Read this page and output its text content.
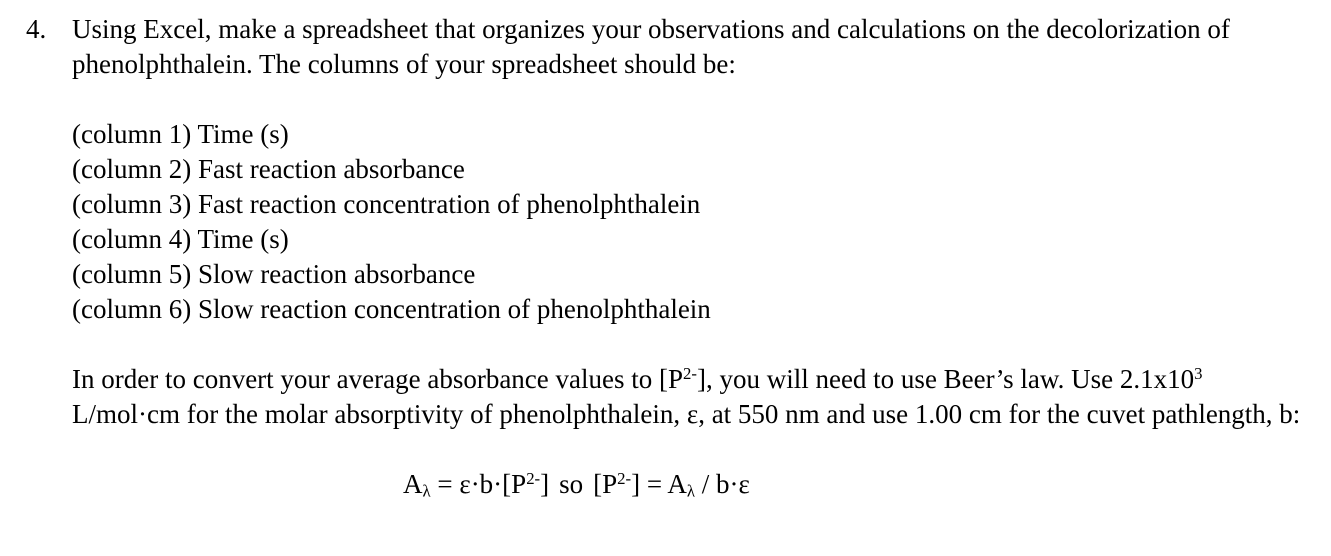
4. Using Excel, make a spreadsheet that organizes your observations and calculations on the decolorization of phenolphthalein. The columns of your spreadsheet should be:

(column 1) Time (s)
(column 2) Fast reaction absorbance
(column 3) Fast reaction concentration of phenolphthalein
(column 4) Time (s)
(column 5) Slow reaction absorbance
(column 6) Slow reaction concentration of phenolphthalein

In order to convert your average absorbance values to $[P^{2-}]$, you will need to use Beer’s law. Use $2.1x10^3$ L/mol·cm for the molar absorptivity of phenolphthalein, ε, at 550 nm and use 1.00 cm for the cuvet pathlength, b:

$A_\lambda = \varepsilon\cdot b\cdot[P^{2-}]$ so $[P^{2-}] = A_\lambda / b\cdot\varepsilon$
